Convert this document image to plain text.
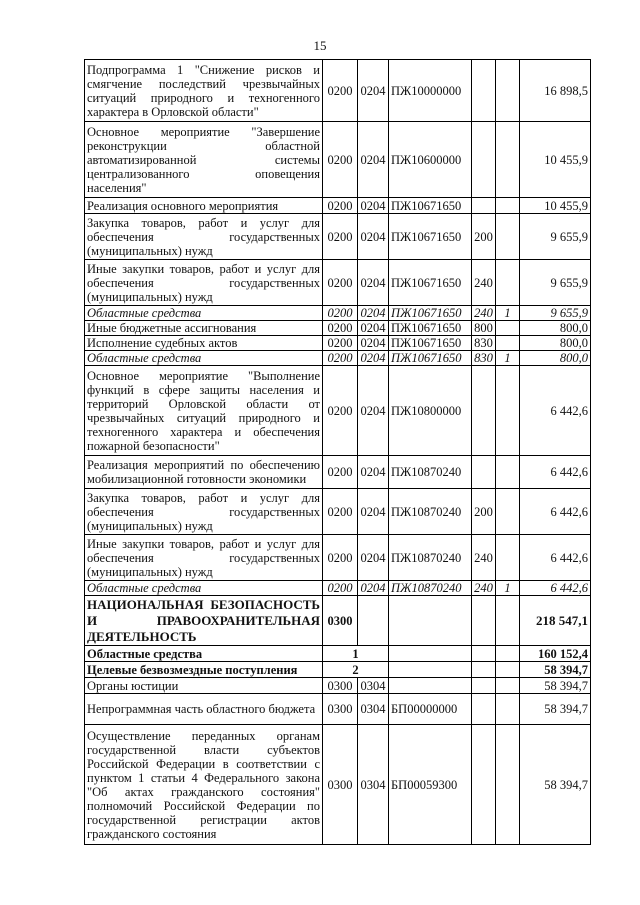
15
Подпрограмма 1 "Снижение рисков и смягчение последствий чрезвычайных ситуаций природного и техногенного характера в Орловской области"	0200	0204	ПЖ10000000			16 898,5
Основное мероприятие "Завершение реконструкции областной автоматизированной системы централизованного оповещения населения"	0200	0204	ПЖ10600000			10 455,9
Реализация основного мероприятия	0200	0204	ПЖ10671650			10 455,9
Закупка товаров, работ и услуг для обеспечения государственных (муниципальных) нужд	0200	0204	ПЖ10671650	200		9 655,9
Иные закупки товаров, работ и услуг для обеспечения государственных (муниципальных) нужд	0200	0204	ПЖ10671650	240		9 655,9
Областные средства	0200	0204	ПЖ10671650	240	1	9 655,9
Иные бюджетные ассигнования	0200	0204	ПЖ10671650	800		800,0
Исполнение судебных актов	0200	0204	ПЖ10671650	830		800,0
Областные средства	0200	0204	ПЖ10671650	830	1	800,0
Основное мероприятие "Выполнение функций в сфере защиты населения и территорий Орловской области от чрезвычайных ситуаций природного и техногенного характера и обеспечения пожарной безопасности"	0200	0204	ПЖ10800000			6 442,6
Реализация мероприятий по обеспечению мобилизационной готовности экономики	0200	0204	ПЖ10870240			6 442,6
Закупка товаров, работ и услуг для обеспечения государственных (муниципальных) нужд	0200	0204	ПЖ10870240	200		6 442,6
Иные закупки товаров, работ и услуг для обеспечения государственных (муниципальных) нужд	0200	0204	ПЖ10870240	240		6 442,6
Областные средства	0200	0204	ПЖ10870240	240	1	6 442,6
НАЦИОНАЛЬНАЯ БЕЗОПАСНОСТЬ И ПРАВООХРАНИТЕЛЬНАЯ ДЕЯТЕЛЬНОСТЬ	0300					218 547,1
Областные средства	1					160 152,4
Целевые безвозмездные поступления	2					58 394,7
Органы юстиции	0300	0304				58 394,7
Непрограммная часть областного бюджета	0300	0304	БП00000000			58 394,7
Осуществление переданных органам государственной власти субъектов Российской Федерации в соответствии с пунктом 1 статьи 4 Федерального закона "Об актах гражданского состояния" полномочий Российской Федерации по государственной регистрации актов гражданского состояния	0300	0304	БП00059300			58 394,7
